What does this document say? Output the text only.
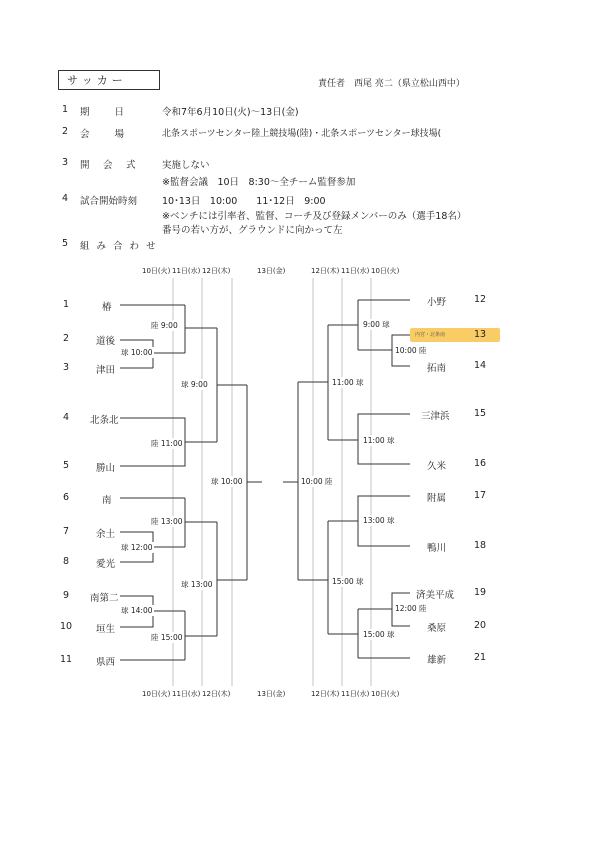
サッカー	責任者　西尾 亮二（県立松山西中）
1 期　　日	令和7年6月10日(火)〜13日(金)
2 会　　場	北条スポーツセンター陸上競技場(陸)・北条スポーツセンター球技場(
3 開　会　式	実施しない
※監督会議　10日　8:30〜全チーム監督参加
4 試合開始時刻	10･13日　10:00　　11･12日　9:00
※ベンチには引率者、監督、コーチ及び登録メンバーのみ（選手18名）
番号の若い方が、グラウンドに向かって左
5 組 み 合 わ せ
10日(火) 11日(水) 12日(木)	13日(金)	12日(木) 11日(水) 10日(火)
10日(火) 11日(水) 12日(木)	13日(金)	12日(木) 11日(水) 10日(火)
1	椿
2	道後
3	津田
4 北条北
5	勝山
6	南
7	余土
8	愛光
9 南第二
10	垣生
11	県西
陸 9:00
球 10:00
球 9:00
陸 11:00
球 10:00
陸 13:00
球 12:00
球 13:00
球 14:00
陸 15:00
小野	12
内宮・北条南	13
拓南	14
三津浜	15
久米	16
附属	17
鴨川	18
済美平成 19
桑原	20
雄新	21
9:00 球
10:00 陸
11:00 球
11:00 球
10:00 陸
13:00 球
15:00 球
12:00 陸
15:00 球
